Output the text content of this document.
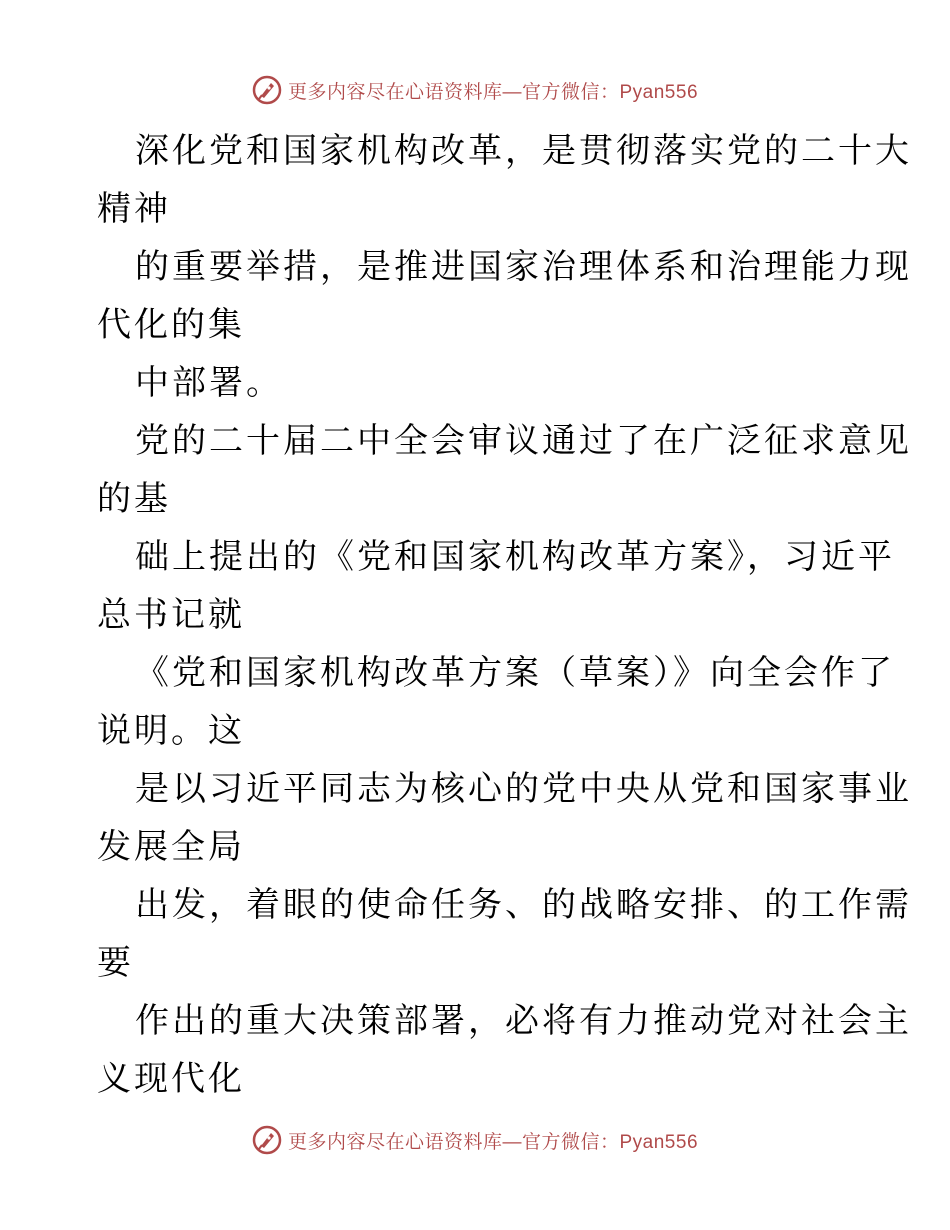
更多内容尽在心语资料库 —官方微信：Pyan556
深化党和国家机构改革，是贯彻落实党的二十大
精神
的重要举措，是推进国家治理体系和治理能力现
代化的集
中部署。
党的二十届二中全会审议通过了在广泛征求意见
的基
础上提出的《党和国家机构改革方案》，习近平
总书记就
《党和国家机构改革方案（草案）》向全会作了
说明。这
是以习近平同志为核心的党中央从党和国家事业
发展全局
出发，着眼的使命任务、的战略安排、的工作需
要
作出的重大决策部署，必将有力推动党对社会主
义现代化
更多内容尽在心语资料库 —官方微信：Pyan556
